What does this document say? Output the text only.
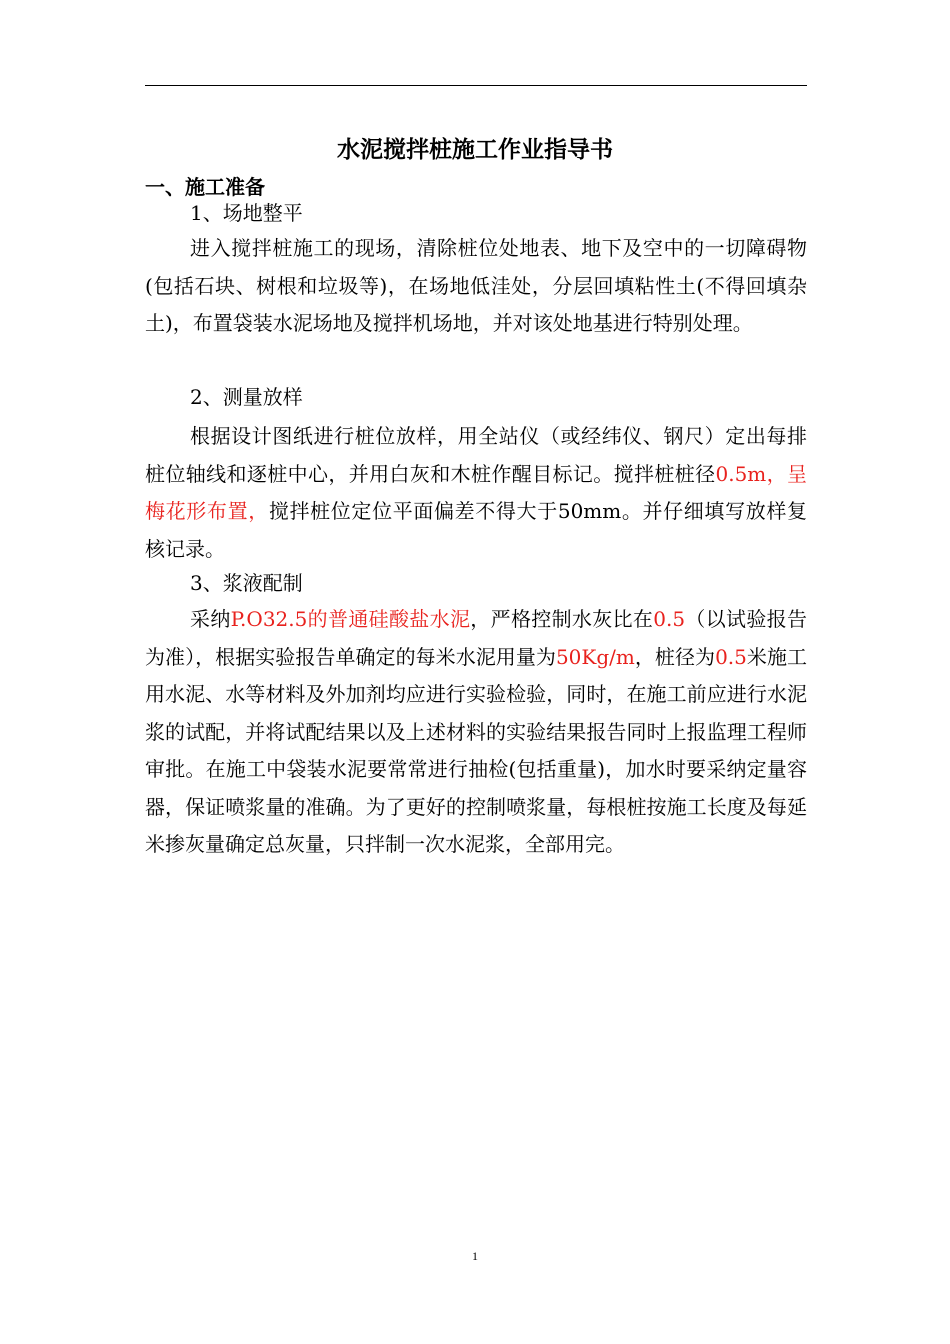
水泥搅拌桩施工作业指导书
一、施工准备
1、场地整平

进入搅拌桩施工的现场，清除桩位处地表、地下及空中的一切障碍物(包括石块、树根和垃圾等)，在场地低洼处，分层回填粘性土(不得回填杂土)，布置袋装水泥场地及搅拌机场地，并对该处地基进行特别处理。

2、测量放样

根据设计图纸进行桩位放样，用全站仪（或经纬仪、钢尺）定出每排桩位轴线和逐桩中心，并用白灰和木桩作醒目标记。搅拌桩桩径0.5m，呈梅花形布置，搅拌桩位定位平面偏差不得大于50mm。并仔细填写放样复核记录。

3、浆液配制

采纳P.O32.5的普通硅酸盐水泥，严格控制水灰比在0.5（以试验报告为准），根据实验报告单确定的每米水泥用量为50Kg/m，桩径为0.5米施工用水泥、水等材料及外加剂均应进行实验检验，同时，在施工前应进行水泥浆的试配，并将试配结果以及上述材料的实验结果报告同时上报监理工程师审批。在施工中袋装水泥要常常进行抽检(包括重量)，加水时要采纳定量容器，保证喷浆量的准确。为了更好的控制喷浆量，每根桩按施工长度及每延米掺灰量确定总灰量，只拌制一次水泥浆，全部用完。

1
